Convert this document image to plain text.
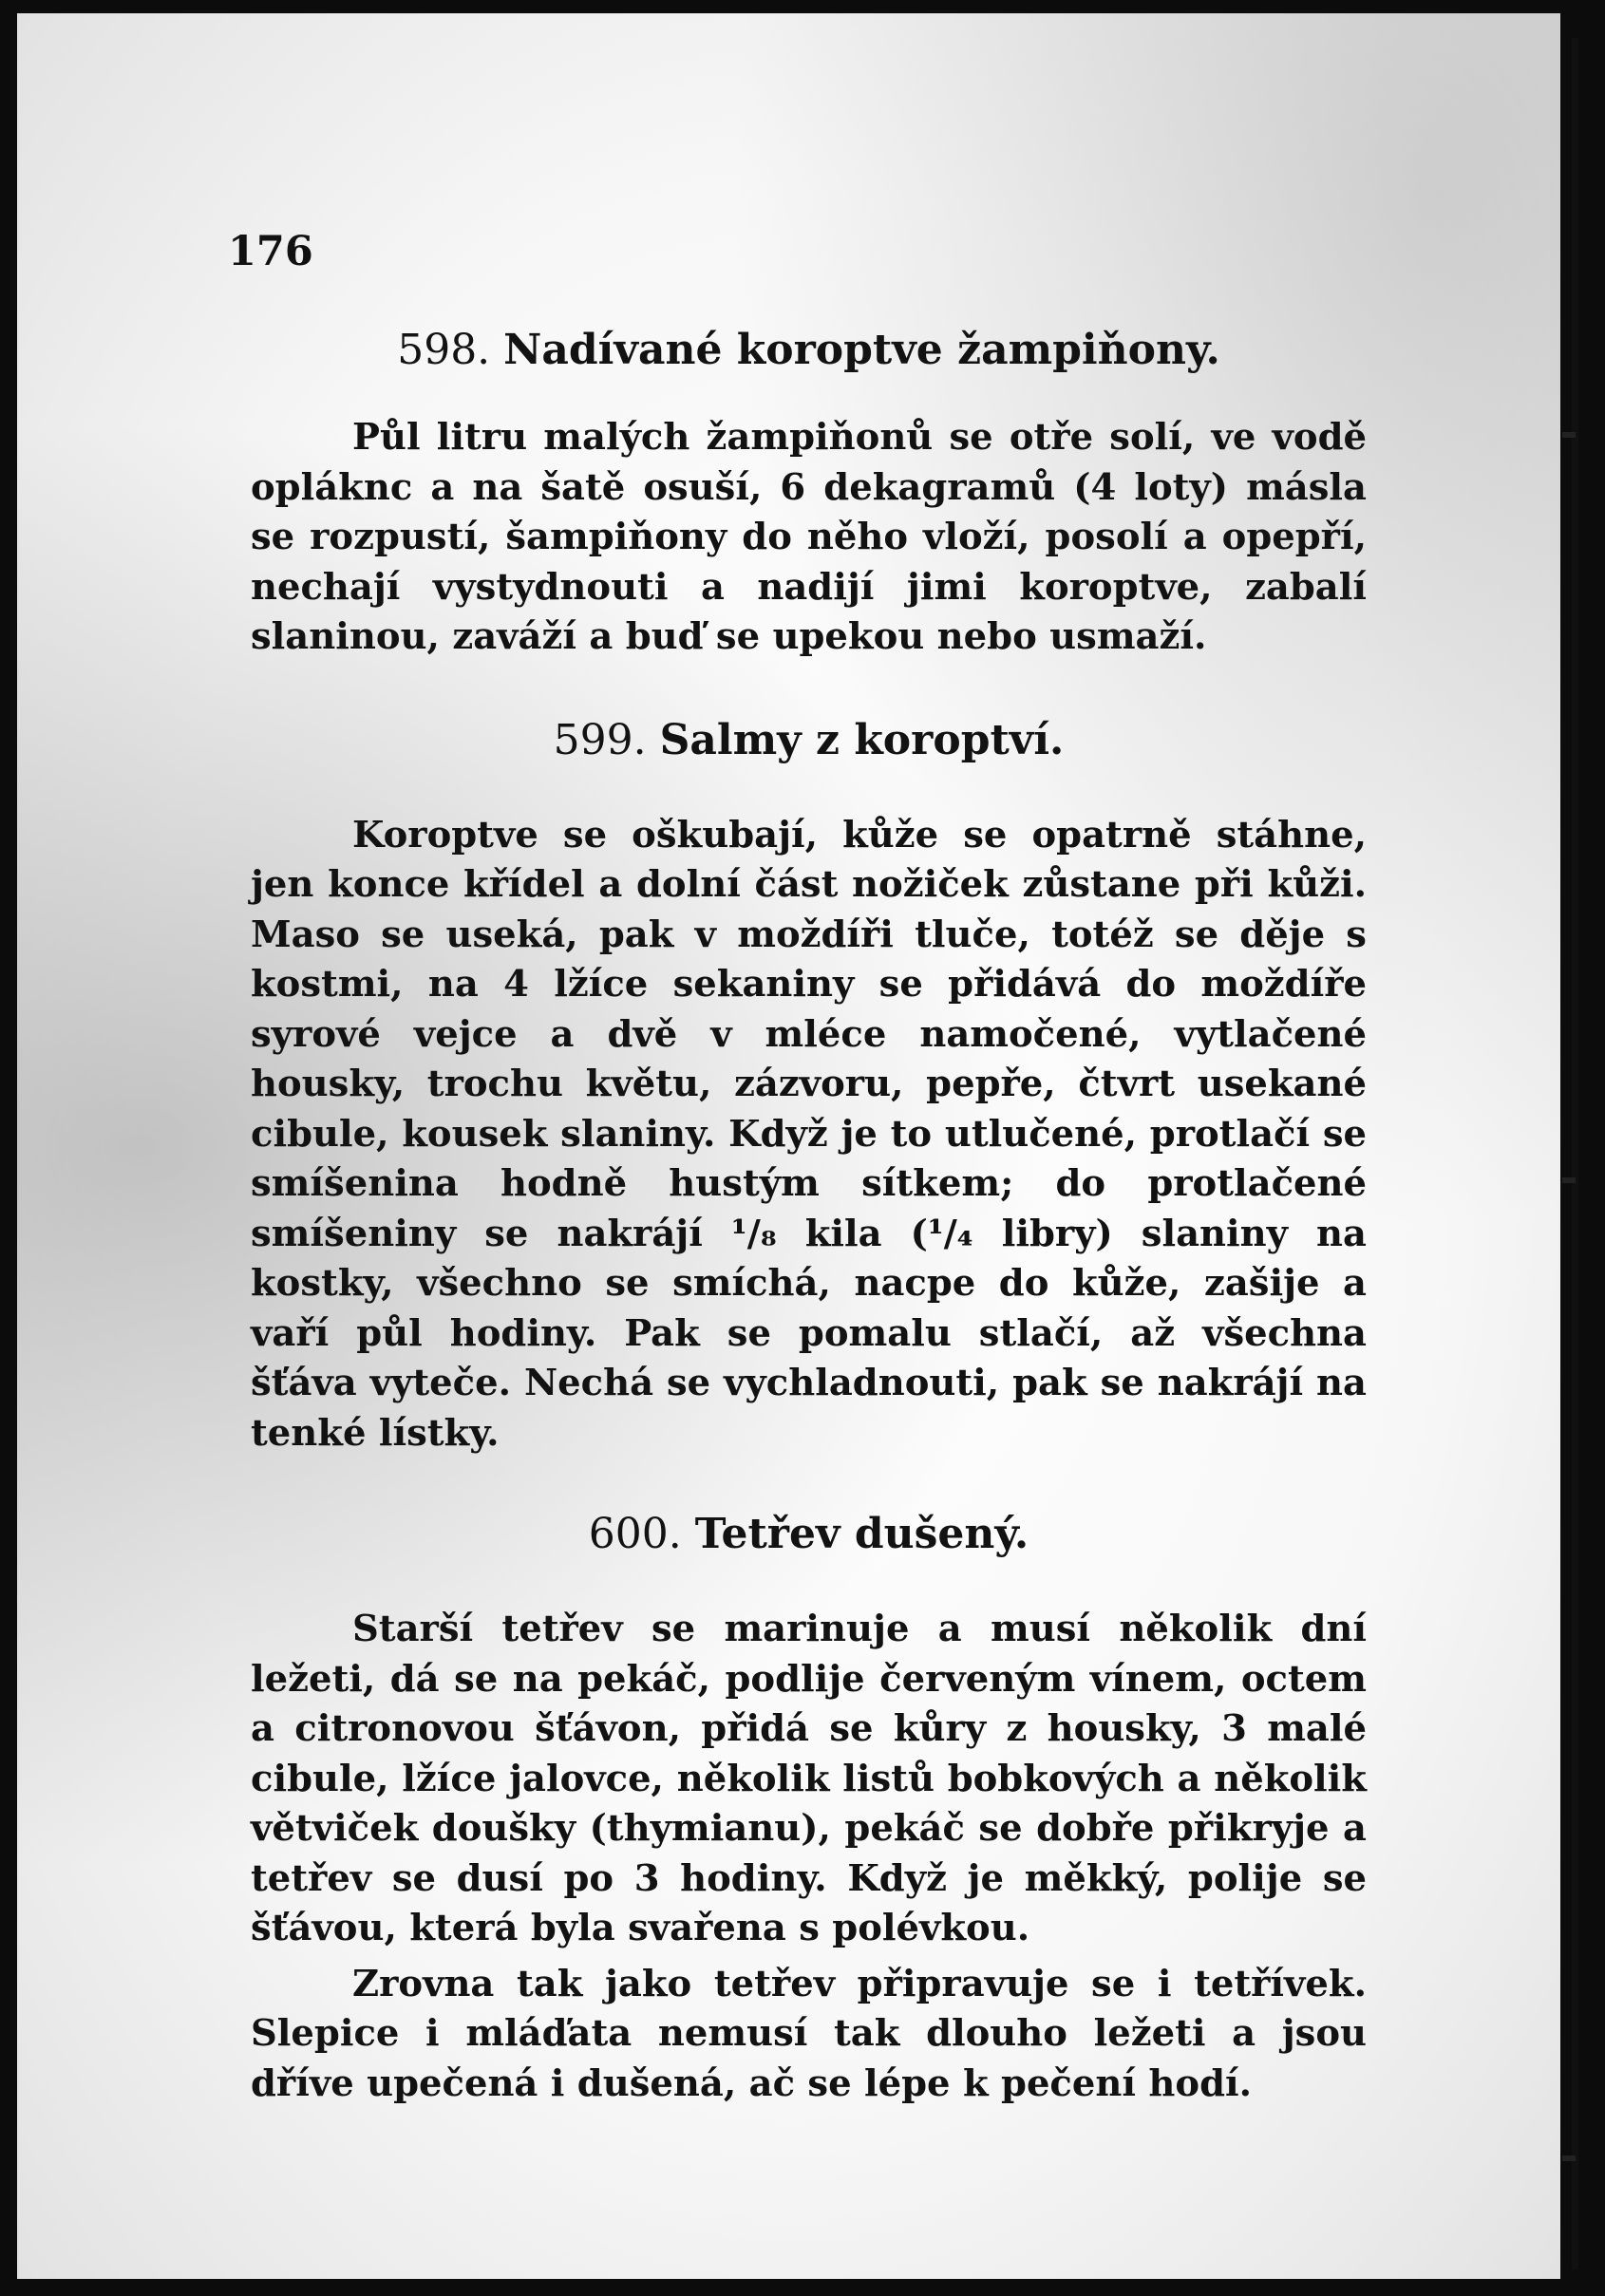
176
598. Nadívané koroptve žampiňony.

Půl litru malých žampiňonů se otře solí, ve vodě opláknc a na šatě osuší, 6 dekagramů (4 loty) másla se rozpustí, šampiňony do něho vloží, posolí a opepří, nechají vystydnouti a nadijí jimi koroptve, zabalí slaninou, zaváží a buď se upekou nebo usmaží.

599. Salmy z koroptví.

Koroptve se oškubají, kůže se opatrně stáhne, jen konce křídel a dolní část nožiček zůstane při kůži. Maso se useká, pak v moždíři tluče, totéž se děje s kostmi, na 4 lžíce sekaniny se přidává do moždíře syrové vejce a dvě v mléce namočené, vytlačené housky, trochu květu, zázvoru, pepře, čtvrt usekané cibule, kousek slaniny. Když je to utlučené, protlačí se smíšenina hodně hustým sítkem; do protlačené smíšeniny se nakrájí ¹/₈ kila (¹/₄ libry) slaniny na kostky, všechno se smíchá, nacpe do kůže, zašije a vaří půl hodiny. Pak se pomalu stlačí, až všechna šťáva vyteče. Nechá se vychladnouti, pak se nakrájí na tenké lístky.

600. Tetřev dušený.

Starší tetřev se marinuje a musí několik dní ležeti, dá se na pekáč, podlije červeným vínem, octem a citronovou šťávon, přidá se kůry z housky, 3 malé cibule, lžíce jalovce, několik listů bobkových a několik větviček doušky (thymianu), pekáč se dobře přikryje a tetřev se dusí po 3 hodiny. Když je měkký, polije se šťávou, která byla svařena s polévkou.

Zrovna tak jako tetřev připravuje se i tetřívek. Slepice i mláďata nemusí tak dlouho ležeti a jsou dříve upečená i dušená, ač se lépe k pečení hodí.
